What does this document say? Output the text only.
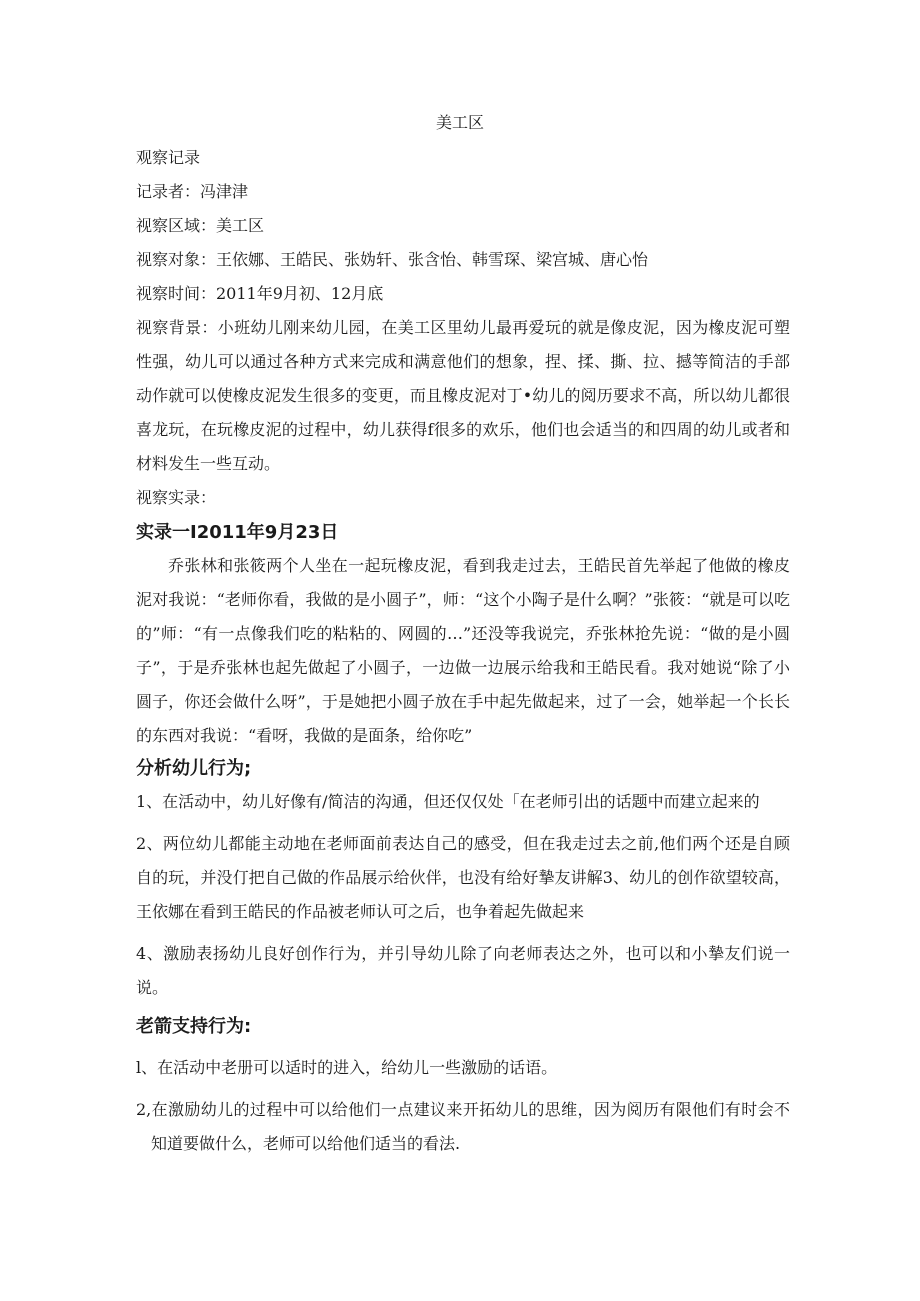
美工区

观察记录

记录者：冯津津

视察区域：美工区

视察对象：王依娜、王皓民、张妫轩、张含怡、韩雪琛、梁宫城、唐心怡

视察时间：2011年9月初、12月底

视察背景：小班幼儿刚来幼儿园，在美工区里幼儿最再爱玩的就是像皮泥，因为橡皮泥可塑性强，幼儿可以通过各种方式来完成和满意他们的想象，捏、揉、撕、拉、撼等简洁的手部动作就可以使橡皮泥发生很多的变更，而且橡皮泥对丁•幼儿的阅历要求不高，所以幼儿都很喜龙玩，在玩橡皮泥的过程中，幼儿获得f很多的欢乐，他们也会适当的和四周的幼儿或者和材料发生一些互动。

视察实录：

实录一I2011年9月23日

乔张林和张筱两个人坐在一起玩橡皮泥，看到我走过去，王皓民首先举起了他做的橡皮泥对我说：“老师你看，我做的是小圆子”，师：“这个小陶子是什么啊？”张筱：“就是可以吃的”师：“有一点像我们吃的粘粘的、网圆的…”还没等我说完，乔张林抢先说：“做的是小圆子”，于是乔张林也起先做起了小圆子，一边做一边展示给我和王皓民看。我对她说“除了小圆子，你还会做什么呀”，于是她把小圆子放在手中起先做起来，过了一会，她举起一个长长的东西对我说：“看呀，我做的是面条，给你吃”

分析幼儿行为;

1、在活动中，幼儿好像有/简洁的沟通，但还仅仅处「在老师引出的话题中而建立起来的

2、两位幼儿都能主动地在老师面前表达自己的感受，但在我走过去之前,他们两个还是自顾自的玩，并没仃把自己做的作品展示给伙伴，也没有给好摯友讲解3、幼儿的创作欲望较高，王依娜在看到王皓民的作品被老师认可之后，也争着起先做起来

4、激励表扬幼儿良好创作行为，并引导幼儿除了向老师表达之外，也可以和小摯友们说一说。

老箭支持行为:

l、在活动中老册可以适时的进入，给幼儿一些激励的话语。

2,在激励幼儿的过程中可以给他们一点建议来开拓幼儿的思维，因为阅历有限他们有时会不知道要做什么，老师可以给他们适当的看法.
